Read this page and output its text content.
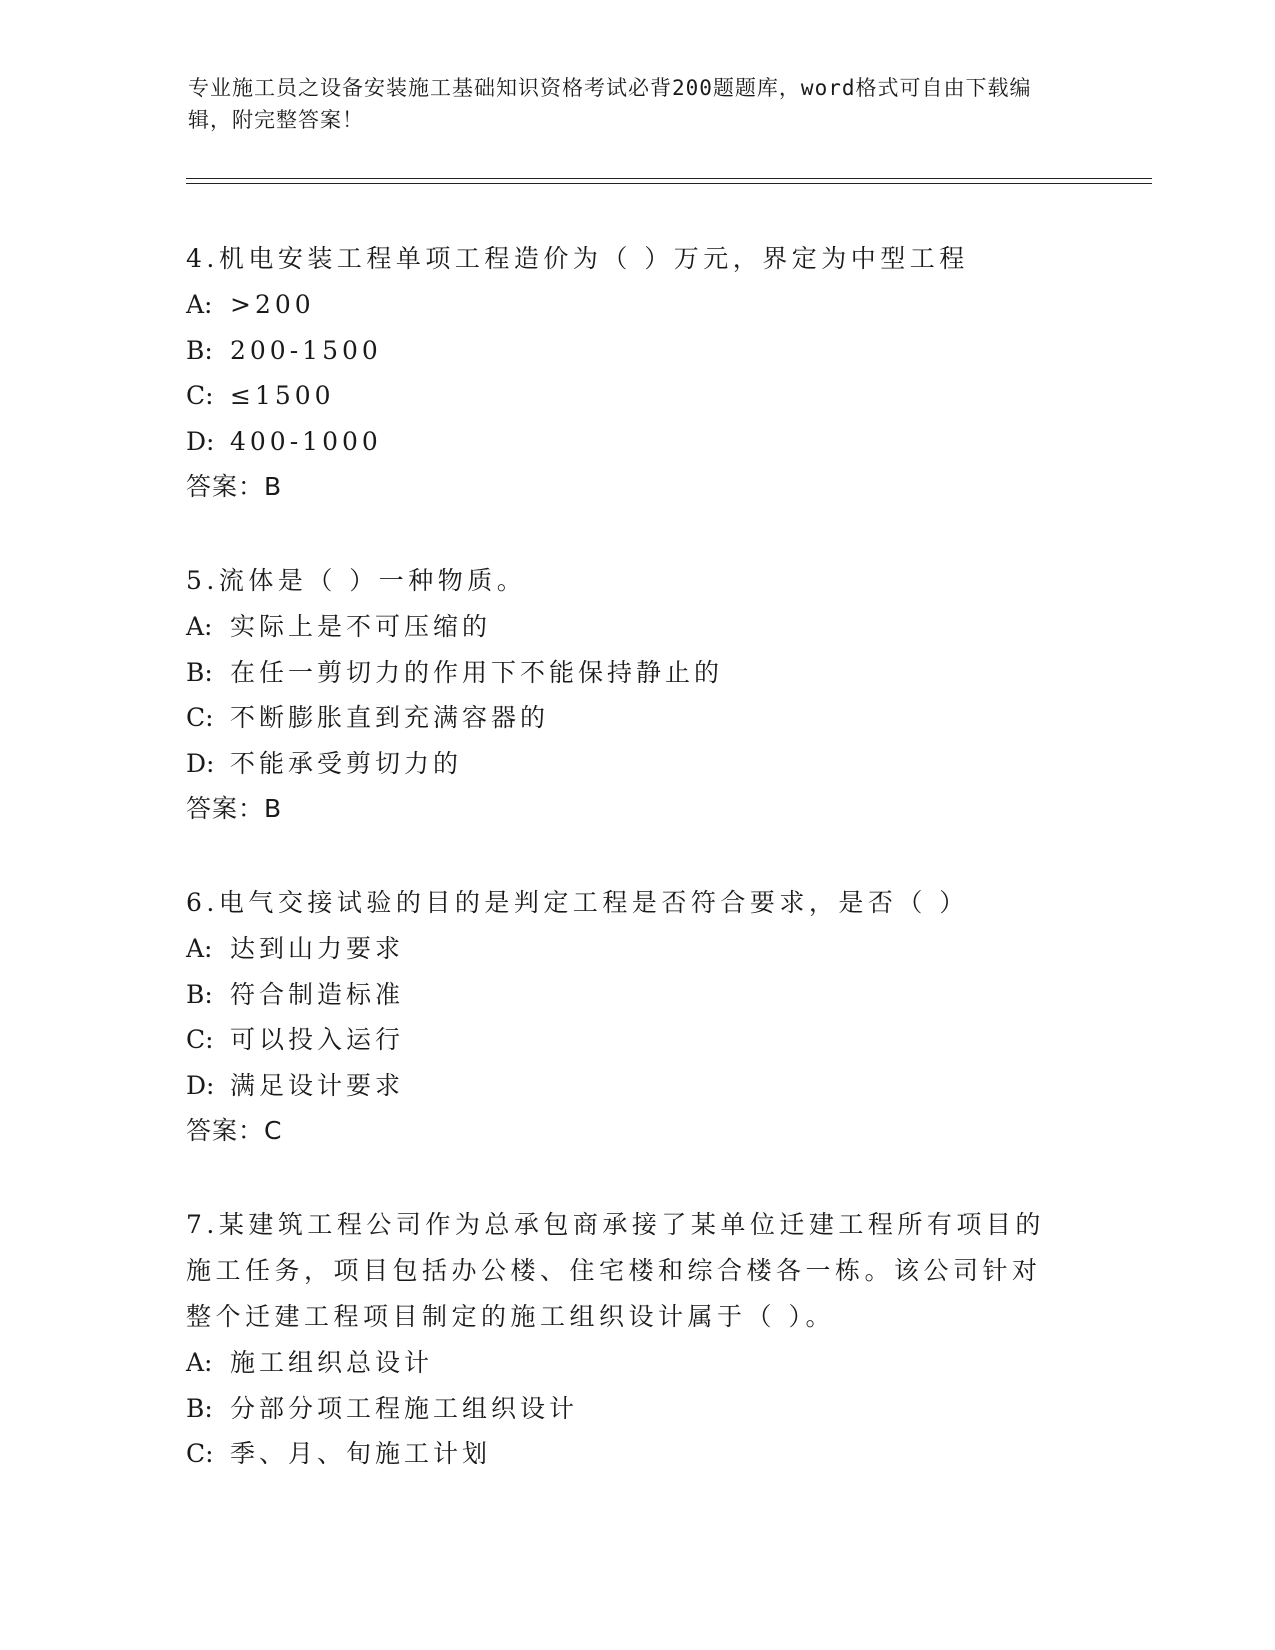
专业施工员之设备安装施工基础知识资格考试必背200题题库，word格式可自由下载编辑，附完整答案！
4.机电安装工程单项工程造价为（ ）万元，界定为中型工程
A: >200
B: 200-1500
C: ≤1500
D: 400-1000
答案：B
5.流体是（ ）一种物质。
A: 实际上是不可压缩的
B: 在任一剪切力的作用下不能保持静止的
C: 不断膨胀直到充满容器的
D: 不能承受剪切力的
答案：B
6.电气交接试验的目的是判定工程是否符合要求，是否（ ）
A: 达到山力要求
B: 符合制造标准
C: 可以投入运行
D: 满足设计要求
答案：C
7.某建筑工程公司作为总承包商承接了某单位迁建工程所有项目的施工任务，项目包括办公楼、住宅楼和综合楼各一栋。该公司针对整个迁建工程项目制定的施工组织设计属于（ ）。
A: 施工组织总设计
B: 分部分项工程施工组织设计
C: 季、月、旬施工计划
